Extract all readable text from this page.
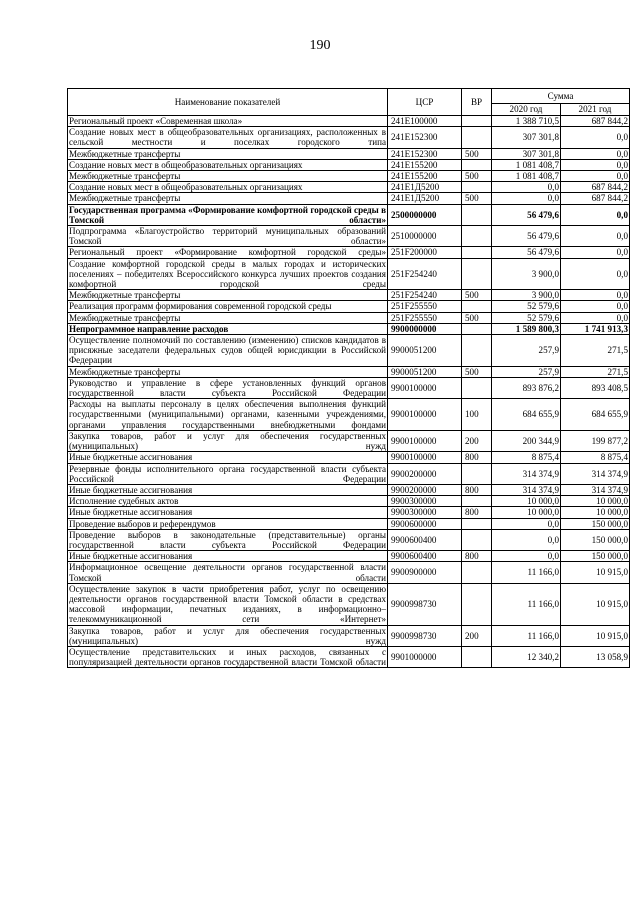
190
Наименование показателей	ЦСР	ВР	Сумма	
			2020 год	2021 год
Региональный проект «Современная школа»	241E100000		1 388 710,5	687 844,2
Создание новых мест в общеобразовательных организациях, расположенных в сельской местности и поселках городского типа	241E152300		307 301,8	0,0
Межбюджетные трансферты	241E152300	500	307 301,8	0,0
Создание новых мест в общеобразовательных организациях	241E155200		1 081 408,7	0,0
Межбюджетные трансферты	241E155200	500	1 081 408,7	0,0
Создание новых мест в общеобразовательных организациях	241E1Д5200		0,0	687 844,2
Межбюджетные трансферты	241E1Д5200	500	0,0	687 844,2
Государственная программа «Формирование комфортной городской среды в Томской области»	2500000000		56 479,6	0,0
Подпрограмма «Благоустройство территорий муниципальных образований Томской области»	2510000000		56 479,6	0,0
Региональный проект «Формирование комфортной городской среды»	251F200000		56 479,6	0,0
Создание комфортной городской среды в малых городах и исторических поселениях – победителях Всероссийского конкурса лучших проектов создания комфортной городской среды	251F254240		3 900,0	0,0
Межбюджетные трансферты	251F254240	500	3 900,0	0,0
Реализация программ формирования современной городской среды	251F255550		52 579,6	0,0
Межбюджетные трансферты	251F255550	500	52 579,6	0,0
Непрограммное направление расходов	9900000000		1 589 800,3	1 741 913,3
Осуществление полномочий по составлению (изменению) списков кандидатов в присяжные заседатели федеральных судов общей юрисдикции в Российской Федерации	9900051200		257,9	271,5
Межбюджетные трансферты	9900051200	500	257,9	271,5
Руководство и управление в сфере установленных функций органов государственной власти субъекта Российской Федерации	9900100000		893 876,2	893 408,5
Расходы на выплаты персоналу в целях обеспечения выполнения функций государственными (муниципальными) органами, казенными учреждениями, органами управления государственными внебюджетными фондами	9900100000	100	684 655,9	684 655,9
Закупка товаров, работ и услуг для обеспечения государственных (муниципальных) нужд	9900100000	200	200 344,9	199 877,2
Иные бюджетные ассигнования	9900100000	800	8 875,4	8 875,4
Резервные фонды исполнительного органа государственной власти субъекта Российской Федерации	9900200000		314 374,9	314 374,9
Иные бюджетные ассигнования	9900200000	800	314 374,9	314 374,9
Исполнение судебных актов	9900300000		10 000,0	10 000,0
Иные бюджетные ассигнования	9900300000	800	10 000,0	10 000,0
Проведение выборов и референдумов	9900600000		0,0	150 000,0
Проведение выборов в законодательные (представительные) органы государственной власти субъекта Российской Федерации	9900600400		0,0	150 000,0
Иные бюджетные ассигнования	9900600400	800	0,0	150 000,0
Информационное освещение деятельности органов государственной власти Томской области	9900900000		11 166,0	10 915,0
Осуществление закупок в части приобретения работ, услуг по освещению деятельности органов государственной власти Томской области в средствах массовой информации, печатных изданиях, в информационно–телекоммуникационной сети «Интернет»	9900998730		11 166,0	10 915,0
Закупка товаров, работ и услуг для обеспечения государственных (муниципальных) нужд	9900998730	200	11 166,0	10 915,0
Осуществление представительских и иных расходов, связанных с популяризацией деятельности органов государственной власти Томской области	9901000000		12 340,2	13 058,9
